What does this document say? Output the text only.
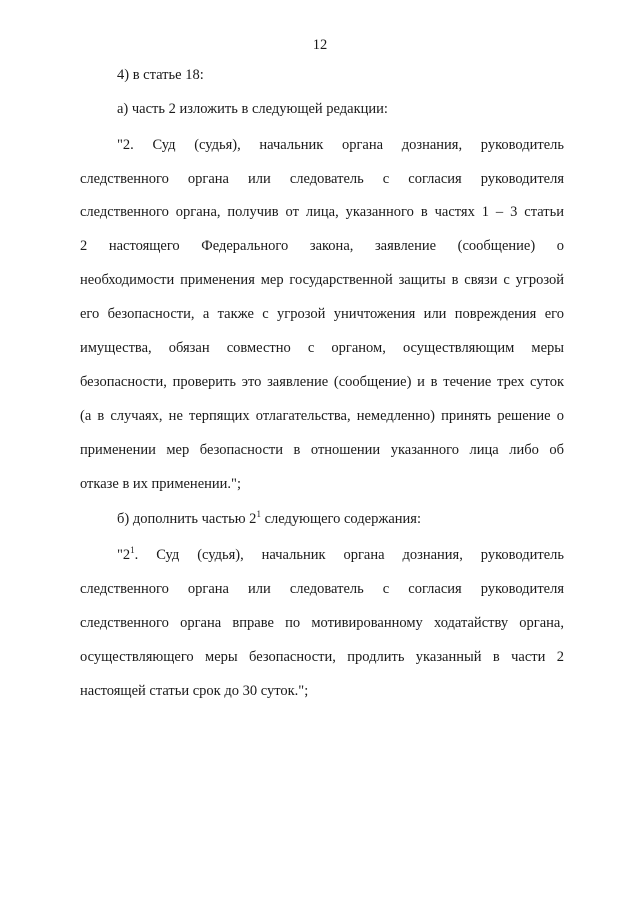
12
4) в статье 18:
а) часть 2 изложить в следующей редакции:
"2. Суд (судья), начальник органа дознания, руководитель
следственного органа или следователь с согласия руководителя
следственного органа, получив от лица, указанного в частях 1 – 3 статьи
2 настоящего Федерального закона, заявление (сообщение) о
необходимости применения мер государственной защиты в связи с угрозой
его безопасности, а также с угрозой уничтожения или повреждения его
имущества, обязан совместно с органом, осуществляющим меры
безопасности, проверить это заявление (сообщение) и в течение трех суток
(а в случаях, не терпящих отлагательства, немедленно) принять решение о
применении мер безопасности в отношении указанного лица либо об
отказе в их применении.";
б) дополнить частью $2^1$ следующего содержания:
"$2^1$. Суд (судья), начальник органа дознания, руководитель
следственного органа или следователь с согласия руководителя
следственного органа вправе по мотивированному ходатайству органа,
осуществляющего меры безопасности, продлить указанный в части 2
настоящей статьи срок до 30 суток.";
